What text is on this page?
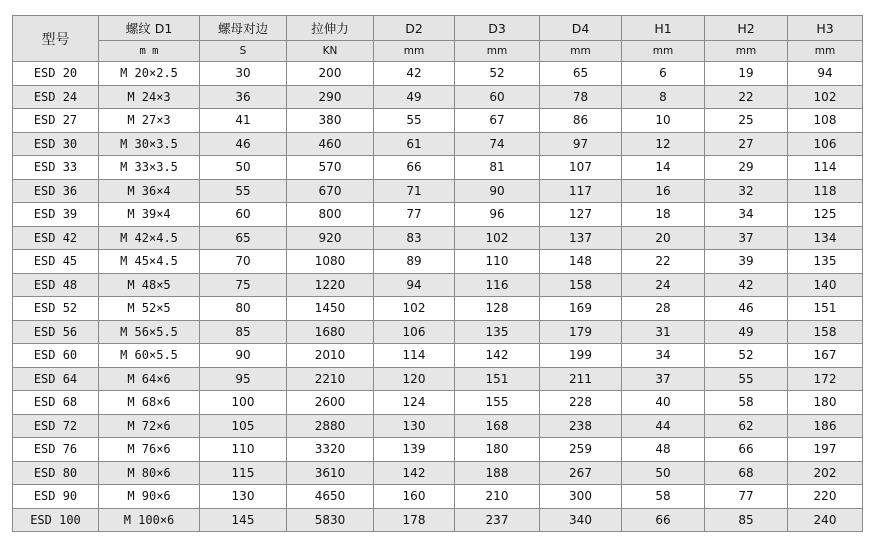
型号	螺纹 D1	螺母对边	拉伸力	D2	D3	D4	H1	H2	H3
	m m	S	KN	mm	mm	mm	mm	mm	mm
ESD 20	M 20×2.5	30	200	42	52	65	6	19	94
ESD 24	M 24×3	36	290	49	60	78	8	22	102
ESD 27	M 27×3	41	380	55	67	86	10	25	108
ESD 30	M 30×3.5	46	460	61	74	97	12	27	106
ESD 33	M 33×3.5	50	570	66	81	107	14	29	114
ESD 36	M 36×4	55	670	71	90	117	16	32	118
ESD 39	M 39×4	60	800	77	96	127	18	34	125
ESD 42	M 42×4.5	65	920	83	102	137	20	37	134
ESD 45	M 45×4.5	70	1080	89	110	148	22	39	135
ESD 48	M 48×5	75	1220	94	116	158	24	42	140
ESD 52	M 52×5	80	1450	102	128	169	28	46	151
ESD 56	M 56×5.5	85	1680	106	135	179	31	49	158
ESD 60	M 60×5.5	90	2010	114	142	199	34	52	167
ESD 64	M 64×6	95	2210	120	151	211	37	55	172
ESD 68	M 68×6	100	2600	124	155	228	40	58	180
ESD 72	M 72×6	105	2880	130	168	238	44	62	186
ESD 76	M 76×6	110	3320	139	180	259	48	66	197
ESD 80	M 80×6	115	3610	142	188	267	50	68	202
ESD 90	M 90×6	130	4650	160	210	300	58	77	220
ESD 100	M 100×6	145	5830	178	237	340	66	85	240
